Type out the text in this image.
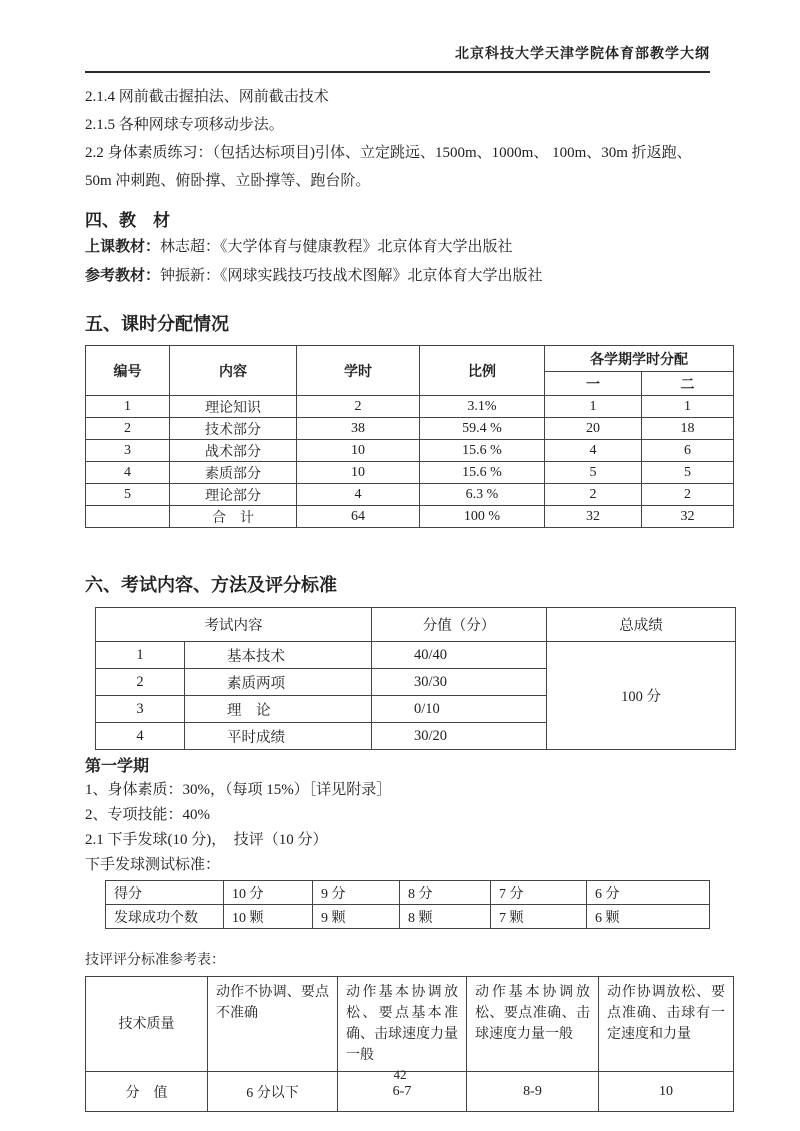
北京科技大学天津学院体育部教学大纲
2.1.4 网前截击握拍法、网前截击技术
2.1.5 各种网球专项移动步法。
2.2 身体素质练习：（包括达标项目)引体、立定跳远、1500m、1000m、 100m、30m 折返跑、
50m 冲刺跑、俯卧撑、立卧撑等、跑台阶。
四、教　材
上课教材：林志超：《大学体育与健康教程》北京体育大学出版社
参考教材：钟振新：《网球实践技巧技战术图解》北京体育大学出版社
五、课时分配情况
编号	内容	学时	比例	各学期学时分配	
				一	二
1	理论知识	2	3.1%	1	1
2	技术部分	38	59.4 %	20	18
3	战术部分	10	15.6 %	4	6
4	素质部分	10	15.6 %	5	5
5	理论部分	4	6.3 %	2	2
	合　计	64	100 %	32	32
六、考试内容、方法及评分标准
考试内容		分值（分）	总成绩
1	基本技术	40/40	100 分
2	素质两项	30/30	
3	理　论	0/10	
4	平时成绩	30/20	
第一学期
1、身体素质：30%，（每项 15%）［详见附录］
2、专项技能：40%
2.1 下手发球(10 分)，  技评（10 分）
下手发球测试标准：
得分	10 分	9 分	8 分	7 分	6 分
发球成功个数	10 颗	9 颗	8 颗	7 颗	6 颗
技评评分标准参考表：
技术质量	动作不协调、要点不准确	动作基本协调放松、要点基本准确、击球速度力量一般	动作基本协调放松、要点准确、击球速度力量一般	动作协调放松、要点准确、击球有一定速度和力量
分　值	6 分以下	6-7	8-9	10
42
